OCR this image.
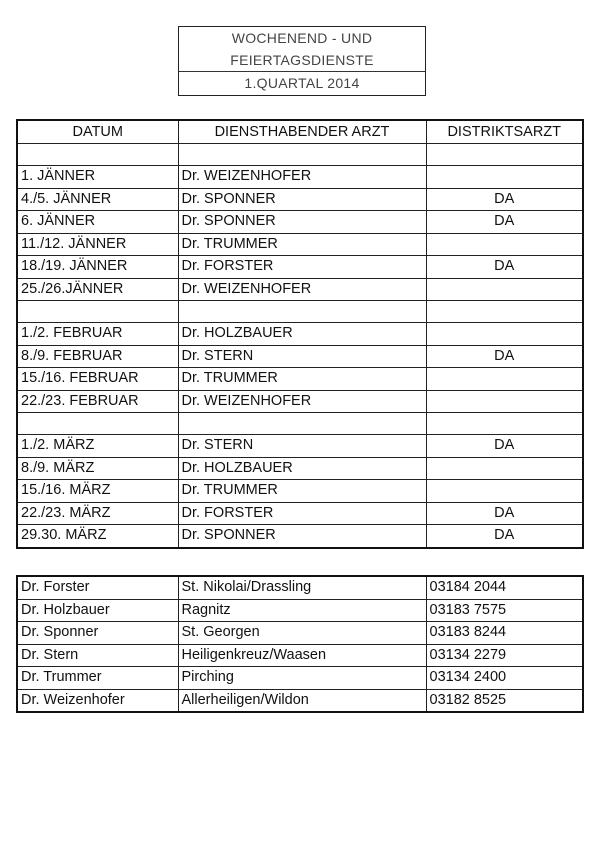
WOCHENEND - UND
FEIERTAGSDIENSTE
1.QUARTAL 2014
DATUM	DIENSTHABENDER ARZT	DISTRIKTSARZT

1. JÄNNER	Dr. WEIZENHOFER	
4./5. JÄNNER	Dr. SPONNER	DA
6. JÄNNER	Dr. SPONNER	DA
11./12. JÄNNER	Dr. TRUMMER	
18./19. JÄNNER	Dr. FORSTER	DA
25./26.JÄNNER	Dr. WEIZENHOFER	

1./2. FEBRUAR	Dr. HOLZBAUER	
8./9. FEBRUAR	Dr. STERN	DA
15./16. FEBRUAR	Dr. TRUMMER	
22./23. FEBRUAR	Dr. WEIZENHOFER	

1./2. MÄRZ	Dr. STERN	DA
8./9. MÄRZ	Dr. HOLZBAUER	
15./16. MÄRZ	Dr. TRUMMER	
22./23. MÄRZ	Dr. FORSTER	DA
29.30. MÄRZ	Dr. SPONNER	DA
Dr. Forster	St. Nikolai/Drassling	03184 2044
Dr. Holzbauer	Ragnitz	03183 7575
Dr. Sponner	St. Georgen	03183 8244
Dr. Stern	Heiligenkreuz/Waasen	03134 2279
Dr. Trummer	Pirching	03134 2400
Dr. Weizenhofer	Allerheiligen/Wildon	03182 8525
